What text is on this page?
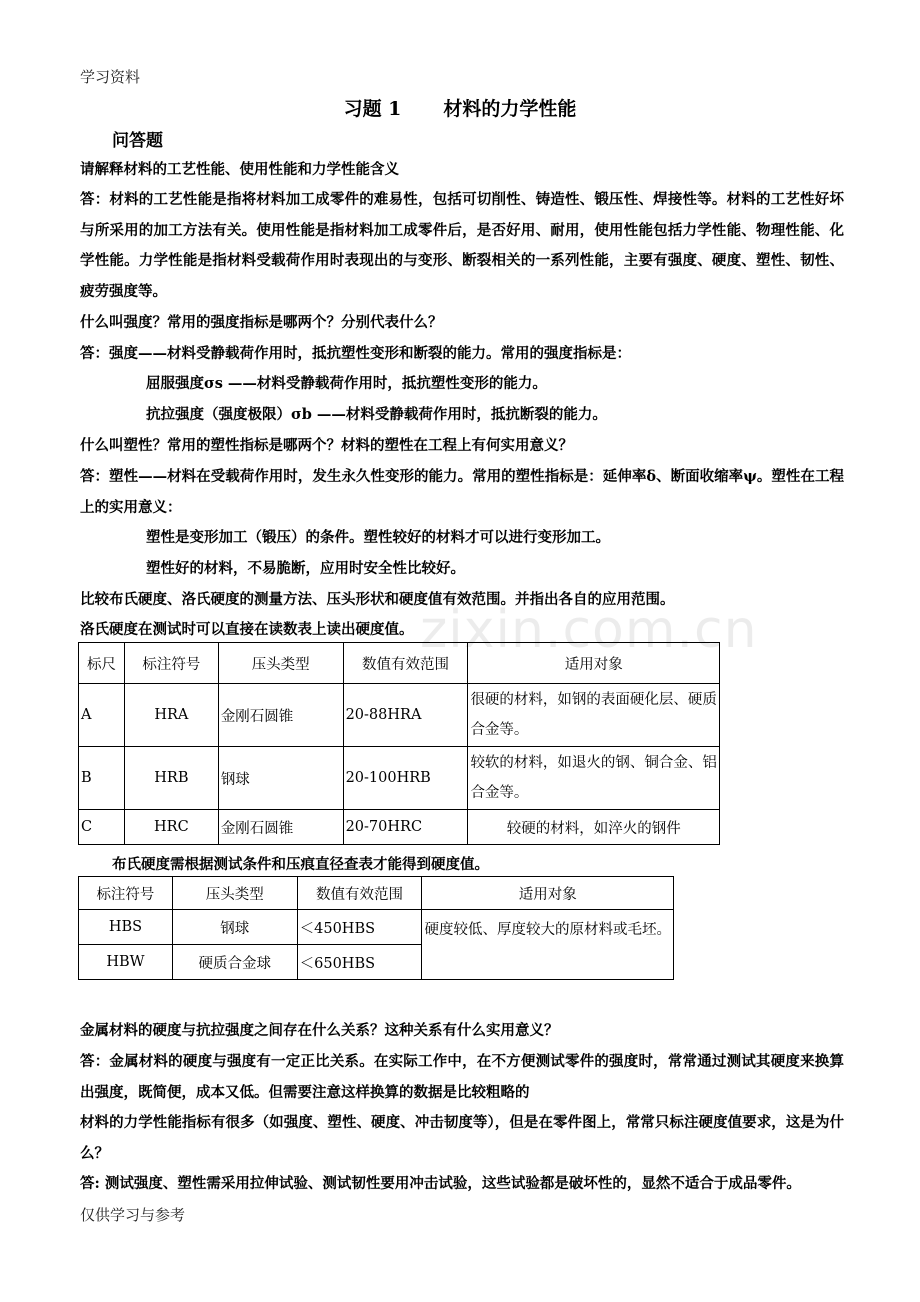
学习资料
习题 1 材料的力学性能
问答题
请解释材料的工艺性能、使用性能和力学性能含义
答：材料的工艺性能是指将材料加工成零件的难易性，包括可切削性、铸造性、锻压性、焊接性等。材料的工艺性好坏与所采用的加工方法有关。使用性能是指材料加工成零件后，是否好用、耐用，使用性能包括力学性能、物理性能、化学性能。力学性能是指材料受载荷作用时表现出的与变形、断裂相关的一系列性能，主要有强度、硬度、塑性、韧性、疲劳强度等。
什么叫强度？常用的强度指标是哪两个？分别代表什么？
答：强度——材料受静载荷作用时，抵抗塑性变形和断裂的能力。常用的强度指标是：
屈服强度σs ——材料受静载荷作用时，抵抗塑性变形的能力。
抗拉强度（强度极限）σb ——材料受静载荷作用时，抵抗断裂的能力。
什么叫塑性？常用的塑性指标是哪两个？材料的塑性在工程上有何实用意义？
答：塑性——材料在受载荷作用时，发生永久性变形的能力。常用的塑性指标是：延伸率δ、断面收缩率ψ。塑性在工程上的实用意义：
塑性是变形加工（锻压）的条件。塑性较好的材料才可以进行变形加工。
塑性好的材料，不易脆断，应用时安全性比较好。
比较布氏硬度、洛氏硬度的测量方法、压头形状和硬度值有效范围。并指出各自的应用范围。
洛氏硬度在测试时可以直接在读数表上读出硬度值。 zixin.com.cn
标尺	标注符号	压头类型	数值有效范围	适用对象
A	HRA	金刚石圆锥	20-88HRA	很硬的材料，如钢的表面硬化层、硬质合金等。
B	HRB	钢球	20-100HRB	较软的材料，如退火的钢、铜合金、铝合金等。
C	HRC	金刚石圆锥	20-70HRC	较硬的材料，如淬火的钢件
布氏硬度需根据测试条件和压痕直径查表才能得到硬度值。
标注符号	压头类型	数值有效范围	适用对象
HBS	钢球	＜450HBS	硬度较低、厚度较大的原材料或毛坯。
HBW	硬质合金球	＜650HBS	
金属材料的硬度与抗拉强度之间存在什么关系？这种关系有什么实用意义？
答：金属材料的硬度与强度有一定正比关系。在实际工作中，在不方便测试零件的强度时，常常通过测试其硬度来换算出强度，既简便，成本又低。但需要注意这样换算的数据是比较粗略的
材料的力学性能指标有很多（如强度、塑性、硬度、冲击韧度等），但是在零件图上，常常只标注硬度值要求，这是为什么？
答: 测试强度、塑性需采用拉伸试验、测试韧性要用冲击试验，这些试验都是破坏性的，显然不适合于成品零件。
仅供学习与参考
